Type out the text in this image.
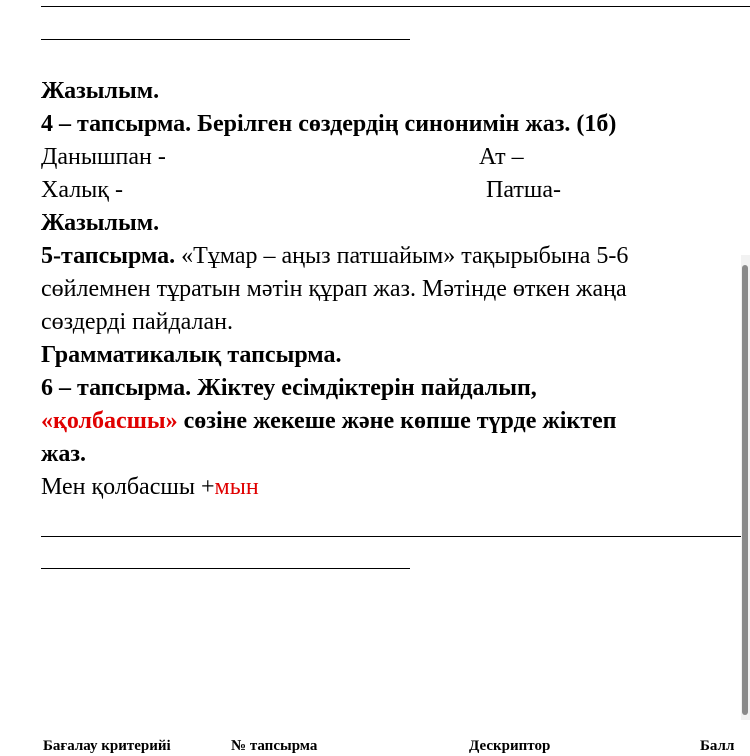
Жазылым.
4 – тапсырма. Берілген сөздердің синонимін жаз. (1б)
Данышпан -	Ат –
Халық -	Патша-
Жазылым.
5-тапсырма. «Тұмар – аңыз патшайым» тақырыбына 5-6
сөйлемнен тұратын мәтін құрап жаз. Мәтінде өткен жаңа
сөздерді пайдалан.
Грамматикалық тапсырма.
6 – тапсырма. Жіктеу есімдіктерін пайдалып,
«қолбасшы» сөзіне жекеше және көпше түрде жіктеп
жаз.
Мен қолбасшы +мын
Бағалау критерийі	№ тапсырма	Дескриптор	Балл
